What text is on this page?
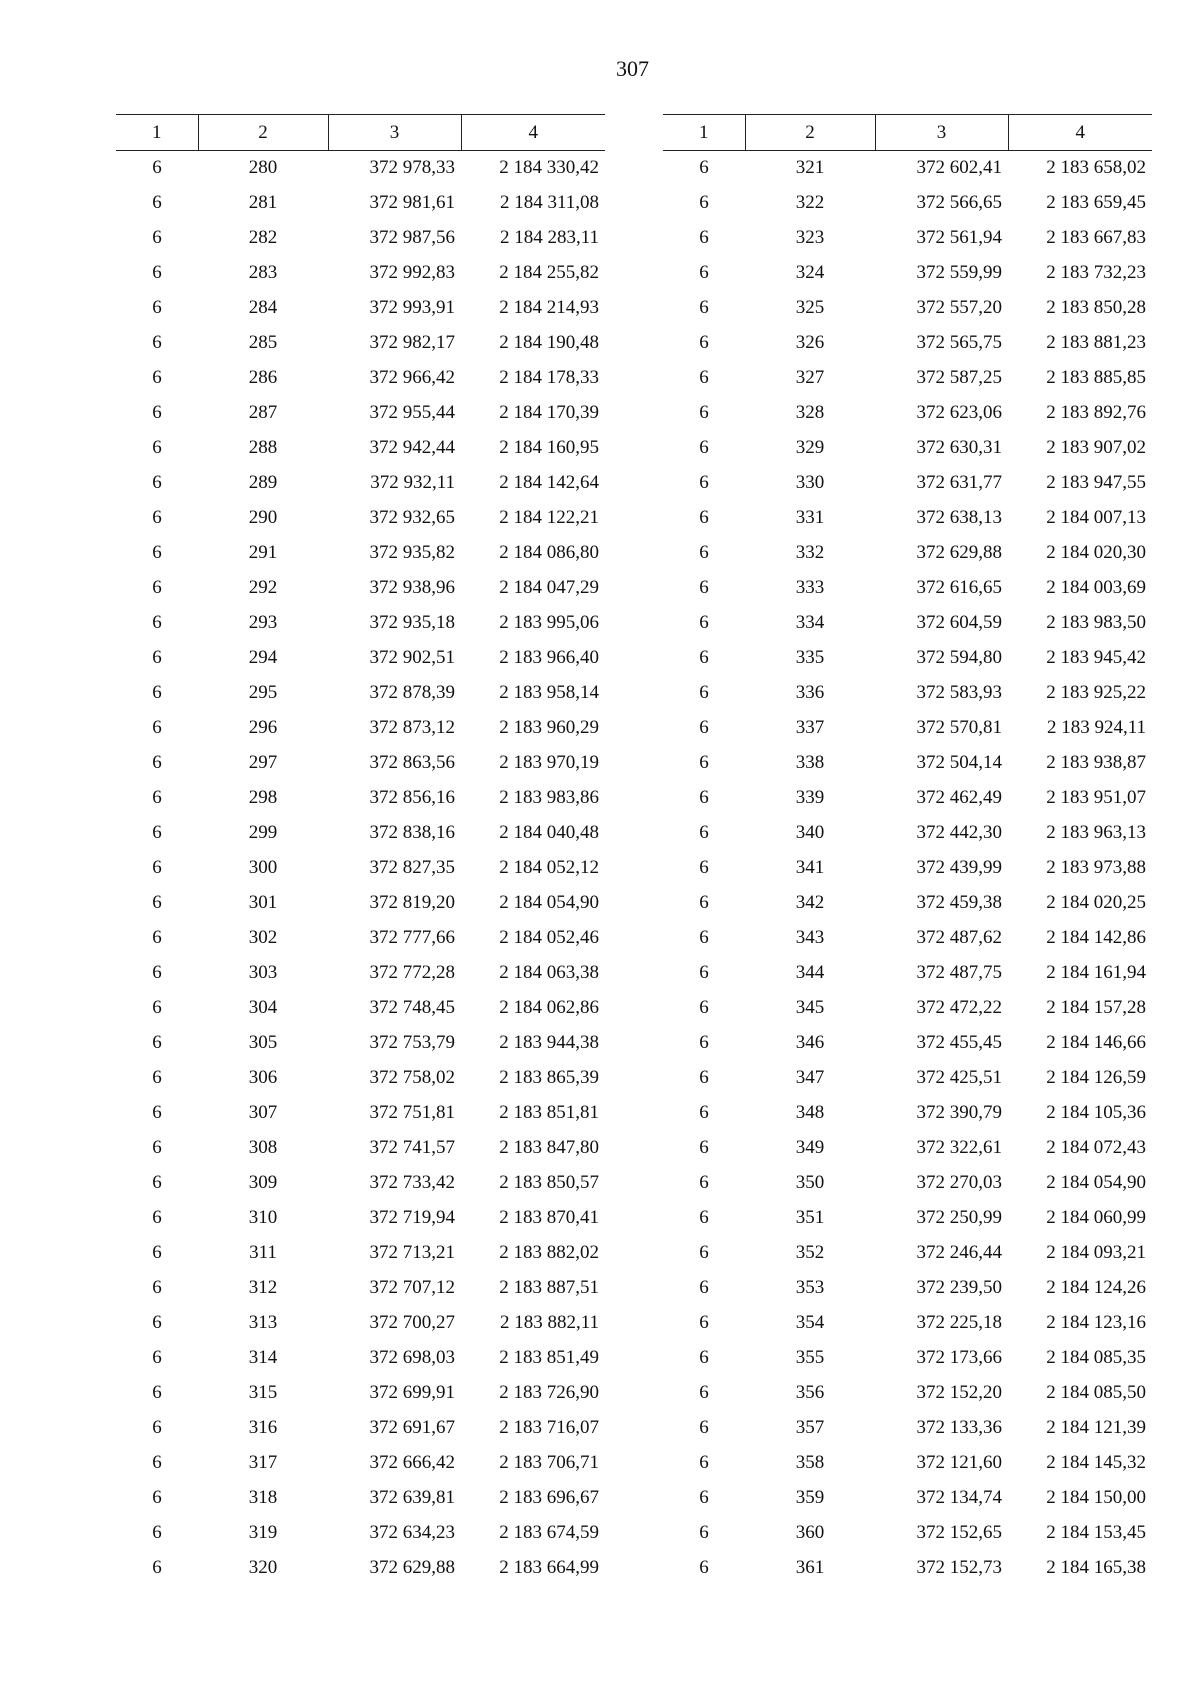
307
1	2	3	4
6	280	372 978,33	2 184 330,42
6	281	372 981,61	2 184 311,08
6	282	372 987,56	2 184 283,11
6	283	372 992,83	2 184 255,82
6	284	372 993,91	2 184 214,93
6	285	372 982,17	2 184 190,48
6	286	372 966,42	2 184 178,33
6	287	372 955,44	2 184 170,39
6	288	372 942,44	2 184 160,95
6	289	372 932,11	2 184 142,64
6	290	372 932,65	2 184 122,21
6	291	372 935,82	2 184 086,80
6	292	372 938,96	2 184 047,29
6	293	372 935,18	2 183 995,06
6	294	372 902,51	2 183 966,40
6	295	372 878,39	2 183 958,14
6	296	372 873,12	2 183 960,29
6	297	372 863,56	2 183 970,19
6	298	372 856,16	2 183 983,86
6	299	372 838,16	2 184 040,48
6	300	372 827,35	2 184 052,12
6	301	372 819,20	2 184 054,90
6	302	372 777,66	2 184 052,46
6	303	372 772,28	2 184 063,38
6	304	372 748,45	2 184 062,86
6	305	372 753,79	2 183 944,38
6	306	372 758,02	2 183 865,39
6	307	372 751,81	2 183 851,81
6	308	372 741,57	2 183 847,80
6	309	372 733,42	2 183 850,57
6	310	372 719,94	2 183 870,41
6	311	372 713,21	2 183 882,02
6	312	372 707,12	2 183 887,51
6	313	372 700,27	2 183 882,11
6	314	372 698,03	2 183 851,49
6	315	372 699,91	2 183 726,90
6	316	372 691,67	2 183 716,07
6	317	372 666,42	2 183 706,71
6	318	372 639,81	2 183 696,67
6	319	372 634,23	2 183 674,59
6	320	372 629,88	2 183 664,99
1	2	3	4
6	321	372 602,41	2 183 658,02
6	322	372 566,65	2 183 659,45
6	323	372 561,94	2 183 667,83
6	324	372 559,99	2 183 732,23
6	325	372 557,20	2 183 850,28
6	326	372 565,75	2 183 881,23
6	327	372 587,25	2 183 885,85
6	328	372 623,06	2 183 892,76
6	329	372 630,31	2 183 907,02
6	330	372 631,77	2 183 947,55
6	331	372 638,13	2 184 007,13
6	332	372 629,88	2 184 020,30
6	333	372 616,65	2 184 003,69
6	334	372 604,59	2 183 983,50
6	335	372 594,80	2 183 945,42
6	336	372 583,93	2 183 925,22
6	337	372 570,81	2 183 924,11
6	338	372 504,14	2 183 938,87
6	339	372 462,49	2 183 951,07
6	340	372 442,30	2 183 963,13
6	341	372 439,99	2 183 973,88
6	342	372 459,38	2 184 020,25
6	343	372 487,62	2 184 142,86
6	344	372 487,75	2 184 161,94
6	345	372 472,22	2 184 157,28
6	346	372 455,45	2 184 146,66
6	347	372 425,51	2 184 126,59
6	348	372 390,79	2 184 105,36
6	349	372 322,61	2 184 072,43
6	350	372 270,03	2 184 054,90
6	351	372 250,99	2 184 060,99
6	352	372 246,44	2 184 093,21
6	353	372 239,50	2 184 124,26
6	354	372 225,18	2 184 123,16
6	355	372 173,66	2 184 085,35
6	356	372 152,20	2 184 085,50
6	357	372 133,36	2 184 121,39
6	358	372 121,60	2 184 145,32
6	359	372 134,74	2 184 150,00
6	360	372 152,65	2 184 153,45
6	361	372 152,73	2 184 165,38
